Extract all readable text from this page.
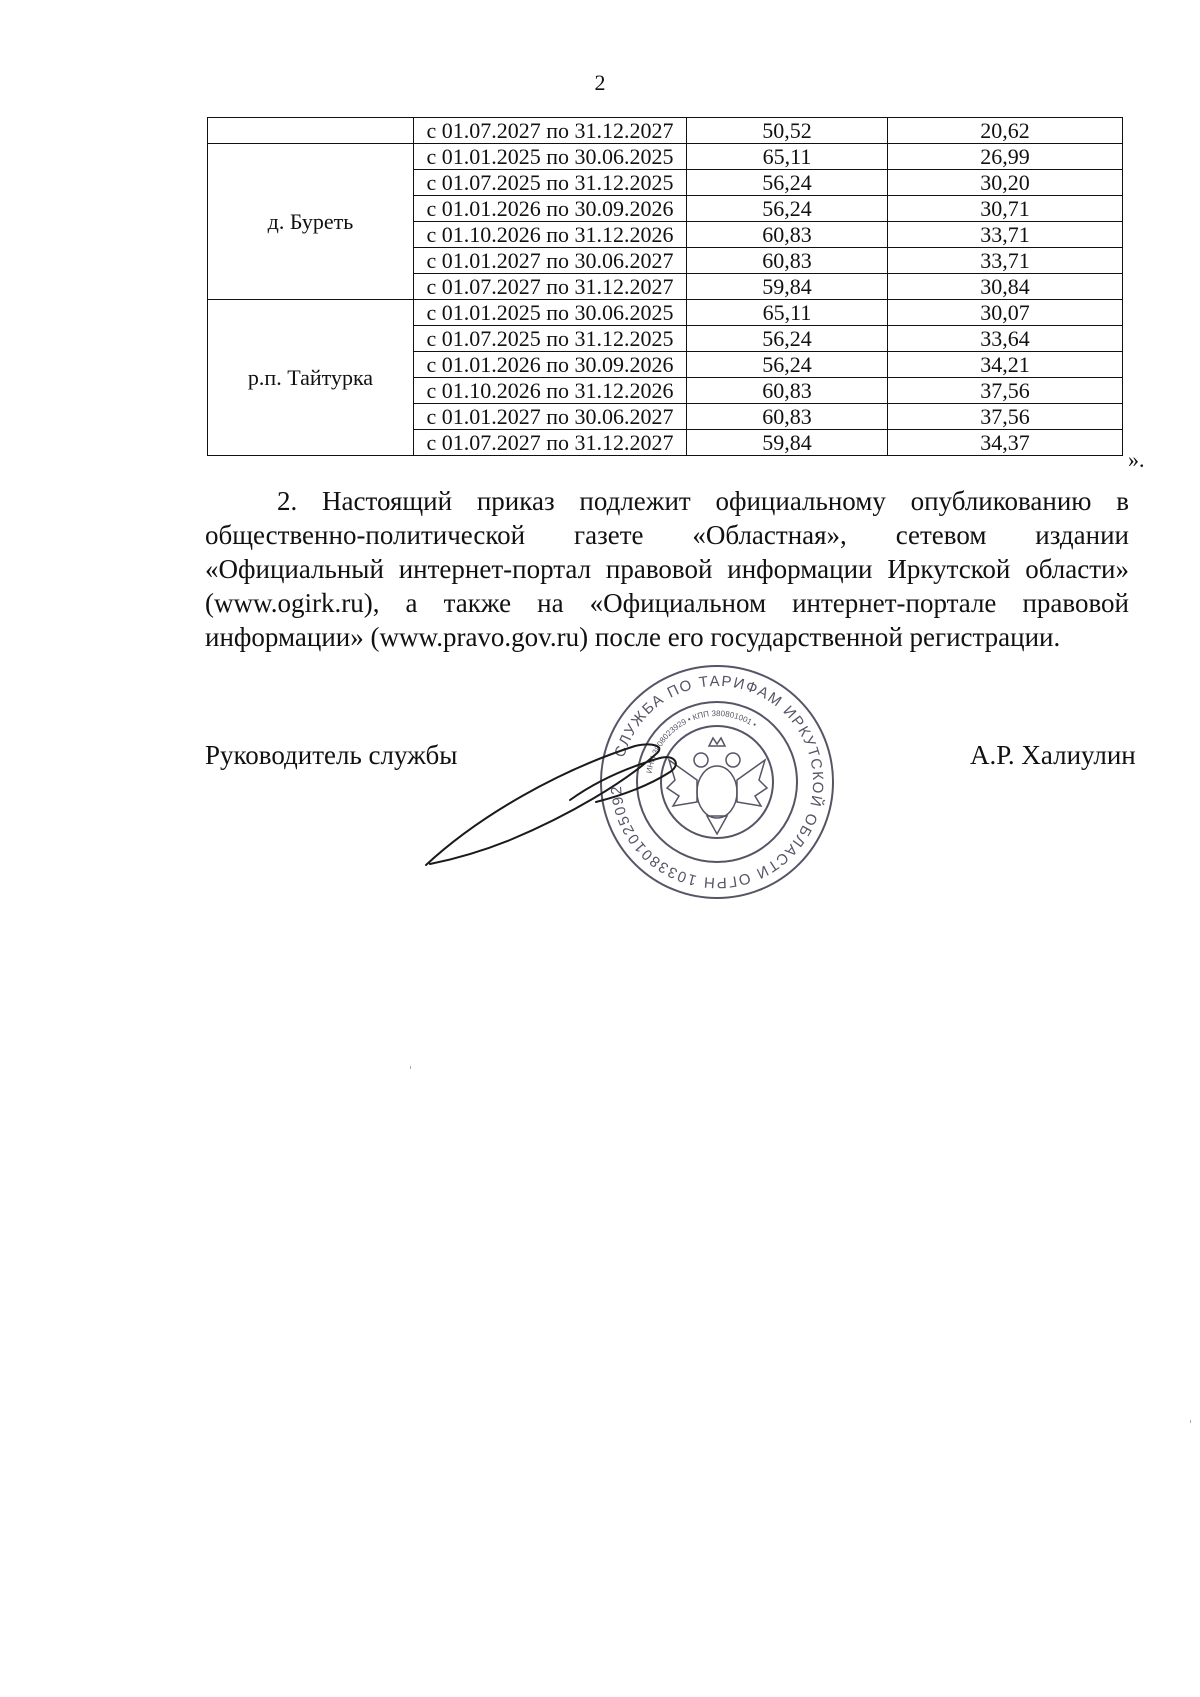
2
	с 01.07.2027 по 31.12.2027	50,52	20,62
д. Буреть	с 01.01.2025 по 30.06.2025	65,11	26,99
	с 01.07.2025 по 31.12.2025	56,24	30,20
	с 01.01.2026 по 30.09.2026	56,24	30,71
	с 01.10.2026 по 31.12.2026	60,83	33,71
	с 01.01.2027 по 30.06.2027	60,83	33,71
	с 01.07.2027 по 31.12.2027	59,84	30,84
р.п. Тайтурка	с 01.01.2025 по 30.06.2025	65,11	30,07
	с 01.07.2025 по 31.12.2025	56,24	33,64
	с 01.01.2026 по 30.09.2026	56,24	34,21
	с 01.10.2026 по 31.12.2026	60,83	37,56
	с 01.01.2027 по 30.06.2027	60,83	37,56
	с 01.07.2027 по 31.12.2027	59,84	34,37
».
2. Настоящий приказ подлежит официальному опубликованию в общественно-политической газете «Областная», сетевом издании «Официальный интернет-портал правовой информации Иркутской области» (www.ogirk.ru), а также на «Официальном интернет-портале правовой информации» (www.pravo.gov.ru) после его государственной регистрации.
Руководитель службы	А.Р. Халиулин
СЛУЖБА ПО ТАРИФАМ ИРКУТСКОЙ ОБЛАСТИ ОГРН 1033801025092
ИНН 3808023929 • КПП 380801001 •
